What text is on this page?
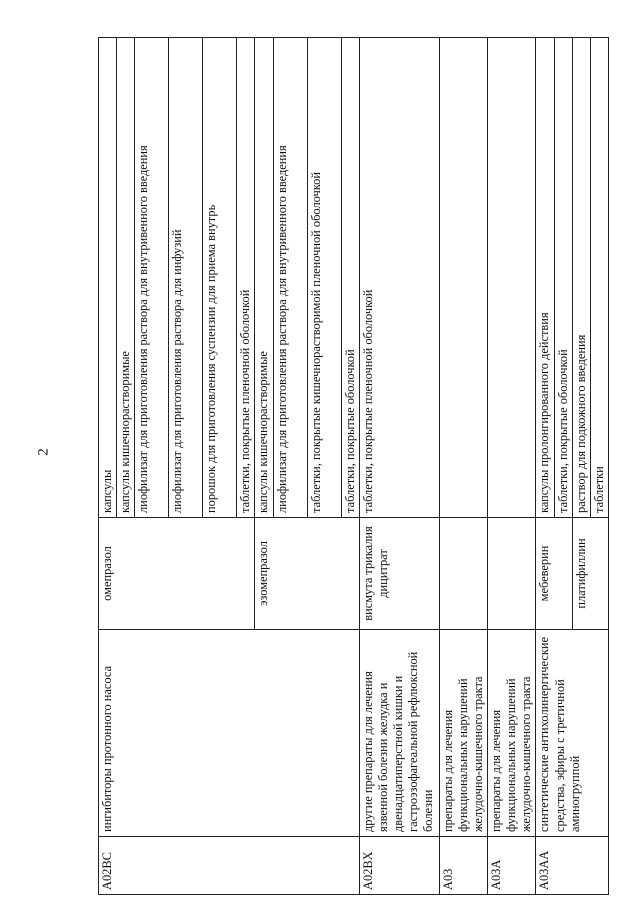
2
A02BC	ингибиторы протонного насоса	омепразол	капсулы
			капсулы кишечнорастворимые
			лиофилизат для приготовления раствора для внутривенного введения
			лиофилизат для приготовления раствора для инфузий
			порошок для приготовления суспензии для приема внутрь
			таблетки, покрытые пленочной оболочкой
		эзомепразол	капсулы кишечнорастворимые
			лиофилизат для приготовления раствора для внутривенного введения
			таблетки, покрытые кишечнорастворимой пленочной оболочкой
			таблетки, покрытые оболочкой
A02BX	другие препараты для лечения язвенной болезни желудка и двенадцатиперстной кишки и гастроэзофагеальной рефлюксной болезни	висмута трикалия дицитрат	таблетки, покрытые пленочной оболочкой
A03	препараты для лечения функциональных нарушений желудочно-кишечного тракта		
A03A	препараты для лечения функциональных нарушений желудочно-кишечного тракта		
A03AA	синтетические антихолинергические средства, эфиры с третичной аминогруппой	мебеверин	капсулы пролонгированного действия
			таблетки, покрытые оболочкой
		платифиллин	раствор для подкожного введения
			таблетки
